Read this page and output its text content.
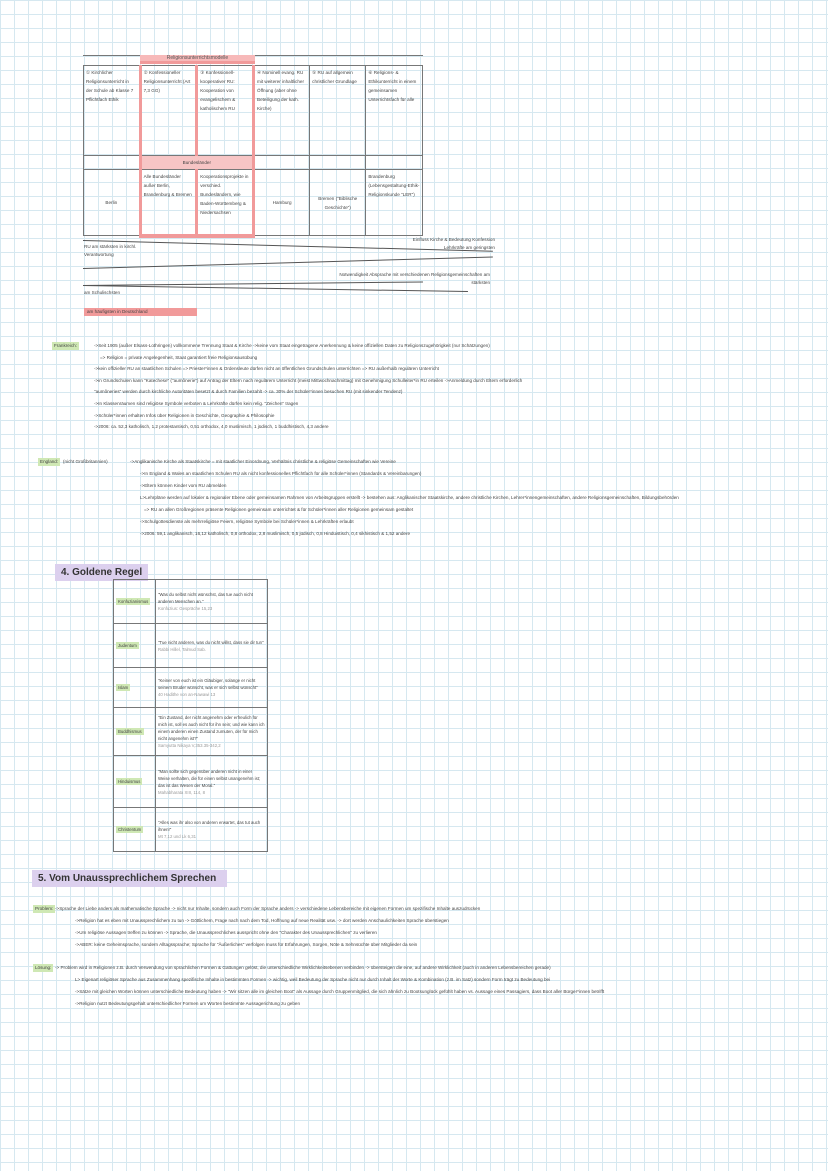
Religionsunterrichtsmodelle
① Kirchlicher Religionsunterricht in der Schule ab Klasse 7 Pflichtfach Ethik	② Konfessioneller Religionsunterricht (Art 7,3 GG)	③ Konfessionell-kooperativer RU: Kooperation von evangelischem & katholischem RU	④ Nominell evang. RU mit weiterer inhaltlicher Öffnung (aber ohne Beteiligung der kath. Kirche)	⑤ RU auf allgemein christlicher Grundlage	⑥ Religions- & Ethikunterricht in einem gemeinsamen Unterrichtsfach für alle
	Bundesländer				
Berlin	Alle Bundesländer außer Berlin, Brandenburg & Bremen	Kooperationsprojekte in verschied. Bundesländern, wie Baden-Württemberg & Niedersachsen	Hamburg	Bremen ("Biblische Geschichte")	Brandenburg (Lebensgestaltung-Ethik-Religionskunde "LER")
RU am stärksten in kirchl. Verantwortung
Einfluss Kirche & Bedeutung Konfession Lehrkräfte am geringsten
Notwendigkeit Absprache mit verschiedenen Religionsgemeinschaften am stärksten
am Schulischsten
am häufigsten in Deutschland
Frankreich:	->Seit 1905 (außer Elsass-Lothringen) vollkommene Trennung Staat & Kirche ->keine vom Staat eingetragene Anerkennung & keine offiziellen Daten zu Religionszugehörigkeit (nur Schätzungen)
=> Religion = private Angelegenheit, Staat garantiert freie Religionsausübung
->kein offizieller RU an staatlichen Schulen => Priester*innen & Ordensleute dürfen nicht an öffentlichen Grundschulen unterrichten => RU außerhalb regulären Unterricht
->in Grundschulen kann "Katechese" ("aumônerie") auf Antrag der Eltern nach regulärem Unterricht (meist Mittwochnachmittag) mit Genehmigung Schulleiter*in RU erteilen ->Anmeldung durch Eltern erforderlich
"aumôneries" werden durch kirchliche Autoritäten besetzt & durch Familien bezahlt -> ca. 30% der Schüler*innen besuchen RU (mit sinkender Tendenz)
->In Klassenräumen sind religiöse Symbole verboten & Lehrkräfte dürfen kein relig. "Zeichen" tragen
->Schüler*innen erhalten Infos über Religionen in Geschichte, Geographie & Philosophie
->2006: ca. 52,3 katholisch, 1,2 protestantisch, 0,51 orthodox, 4,0 muslimisch, 1 jüdisch, 1 buddhistisch, 4,3 andere
England:	(nicht Großbritannien)	->Anglikanische Kirche als Staatskirche = mit staatlicher Einordnung, Verhältnis christliche & religiöse Gemeinschaften wie Vereine
->In England & Wales an staatlichen Schulen RU als nicht konfessionelles Pflichtfach für alle Schüler*innen (Standards & Vereinbarungen)
->Eltern können Kinder vom RU abmelden
L>Lehrpläne werden auf lokaler & regionaler Ebene oder gemeinsamen Rahmen von Arbeitsgruppen erstellt -> bestehen aus: Anglikanischer Staatskirche, andere christliche Kirchen, Lehrer*innengemeinschaften, andere Religionsgemeinschaften, Bildungsbehörden
=> RU an allen Großregionen präsente Religionen gemeinsam unterrichtet & für Schüler*innen aller Religionen gemeinsam gestaltet
->Schulgottesdienste als mehrreligiöse Feiern, religiöse Symbole bei Schüler*innen & Lehrkräften erlaubt
->2006: 59,1 anglikanisch, 16,12 katholisch, 0,8 orthodox, 2,8 muslimisch, 0,5 jüdisch, 0,8 Hinduistisch, 0,4 sikhistisch & 1,52 andere
4. Goldene Regel
Konfuzianismus	"Was du selbst nicht wünschst, das tue auch nicht anderen Menschen an."
Konfuzius: Gespräche 15,23

Judentum	"Tue nicht anderen, was du nicht willst, dass sie dir tun"
Rabbi Hillel, Talmud Sab.

Islam	"Keiner von euch ist ein Gläubiger, solange er nicht seinem Bruder wünscht, was er sich selbst wünscht"
40 Hadithe von an-Nawawi 13

Buddhismus	"Ein Zustand, der nicht angenehm oder erfreulich für mich ist, soll es auch nicht für ihn sein; und wie kann ich einem anderen einen Zustand zumuten, der für mich nicht angenehm ist?"
Samyutta Nikaya V,353.35-342,2

Hinduismus	"Man sollte sich gegenüber anderen nicht in einer Weise verhalten, die für einen selbst unangenehm ist; das ist das Wesen der Moral."
Mahabharata XIII, 114, 8

Christentum	"Alles was ihr also von anderen erwartet, das tut auch ihnen!"
Mt 7,12 und Lk 6,31
5. Vom Unaussprechlichem Sprechen
Problem: ->Sprache der Liebe anders als mathematische Sprache -> nicht nur Inhalte, sondern auch Form der Sprache anders -> verschiedene Lebensbereiche mit eigenen Formen um spezifische Inhalte auszudrücken
->Religion hat es eben mit Unaussprechlichem zu tun -> Göttlichem, Frage nach nach dem Tod, Hoffnung auf neue Realität usw. -> dort werden Anschaulichkeiten Sprache überstiegen
->Um religiöse Aussagen treffen zu können -> Sprache, die Unaussprechliches ausspricht ohne den "Charakter des Unaussprechlichen" zu verlieren
->ABER: keine Geheimsprache, sondern Alltagssprache; Sprache für "Äußerliches" verfolgen muss für Erfahrungen, Sorgen, Nöte & Sehnsüchte über Mitglieder da sein
Lösung: -> Problem wird in Religionen z.B. durch Verwendung von sprachlichen Formen & Gattungen gelöst, die unterschiedliche Wirklichkeitsebenen verbinden -> übersteigen die eine, auf andere Wirklichkeit (auch in anderen Lebensbereichen gerade)
L> Eigenart religiöser Sprache aus Zusammenhang spezifische Inhalte in bestimmten Formen -> wichtig, weil Bedeutung der Sprache nicht nur durch Inhalt der Worte & Kombination (z.B. im Satz) sondern Form trägt zu Bedeutung bei
->Sätze mit gleichen Worten können unterschiedliche Bedeutung haben -> "Wir sitzen alle im gleichen Boot" als Aussage durch Gruppenmitglied, die sich ähnlich zu Bootsunglück gefühlt haben vs. Aussage eines Passagiers, dass Boot aller Bürger*innen betrifft
->Religion nutzt Bedeutungsgehalt unterschiedlicher Formen um Worten bestimmte Aussagerichtung zu geben
